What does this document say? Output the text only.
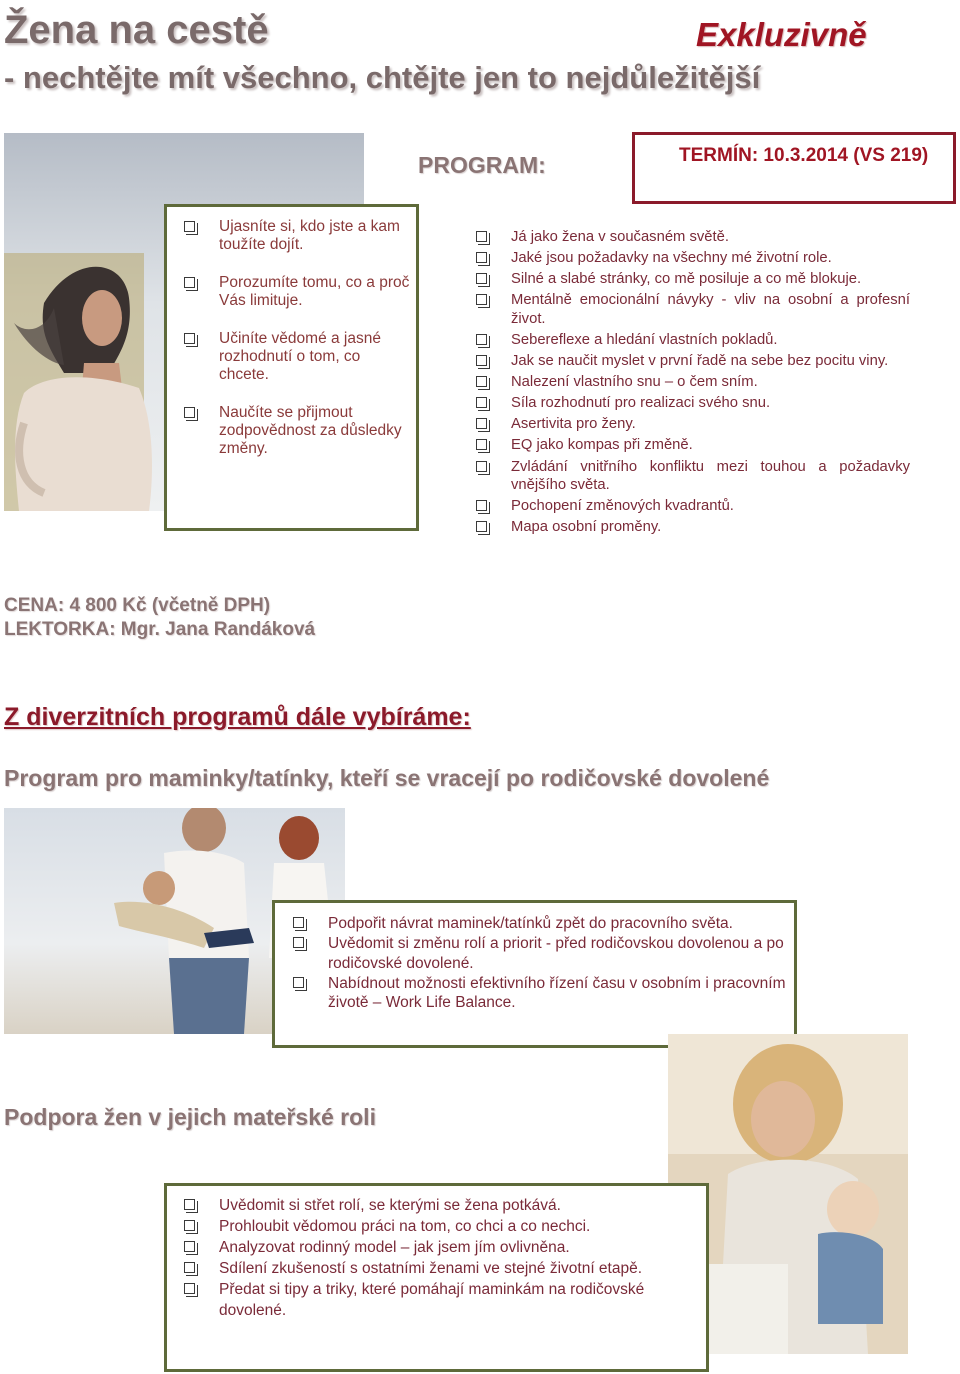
Žena na cestě	Exkluzivně
- nechtějte mít všechno, chtějte jen to nejdůležitější
PROGRAM:	TERMÍN: 10.3.2014 (VS 219)
Ujasníte si, kdo jste a kam toužíte dojít.
Porozumíte tomu, co a proč Vás limituje.
Učiníte vědomé a jasné rozhodnutí o tom, co chcete.
Naučíte se přijmout zodpovědnost za důsledky změny.
Já jako žena v současném světě.
Jaké jsou požadavky na všechny mé životní role.
Silné a slabé stránky, co mě posiluje a co mě blokuje.
Mentálně emocionální návyky - vliv na osobní a profesní život.
Sebereflexe a hledání vlastních pokladů.
Jak se naučit myslet v první řadě na sebe bez pocitu viny.
Nalezení vlastního snu – o čem sním.
Síla rozhodnutí pro realizaci svého snu.
Asertivita pro ženy.
EQ jako kompas při změně.
Zvládání vnitřního konfliktu mezi touhou a požadavky vnějšího světa.
Pochopení změnových kvadrantů.
Mapa osobní proměny.
CENA: 4 800 Kč (včetně DPH)
LEKTORKA: Mgr. Jana Randáková
Z diverzitních programů dále vybíráme:
Program pro maminky/tatínky, kteří se vracejí po rodičovské dovolené
Podpořit návrat maminek/tatínků zpět do pracovního světa.
Uvědomit si změnu rolí a priorit - před rodičovskou dovolenou a po rodičovské dovolené.
Nabídnout možnosti efektivního řízení času v osobním i pracovním životě – Work Life Balance.
Podpora žen v jejich mateřské roli
Uvědomit si střet rolí, se kterými se žena potkává.
Prohloubit vědomou práci na tom, co chci a co nechci.
Analyzovat rodinný model – jak jsem jím ovlivněna.
Sdílení zkušeností s ostatními ženami ve stejné životní etapě.
Předat si tipy a triky, které pomáhají maminkám na rodičovské dovolené.
